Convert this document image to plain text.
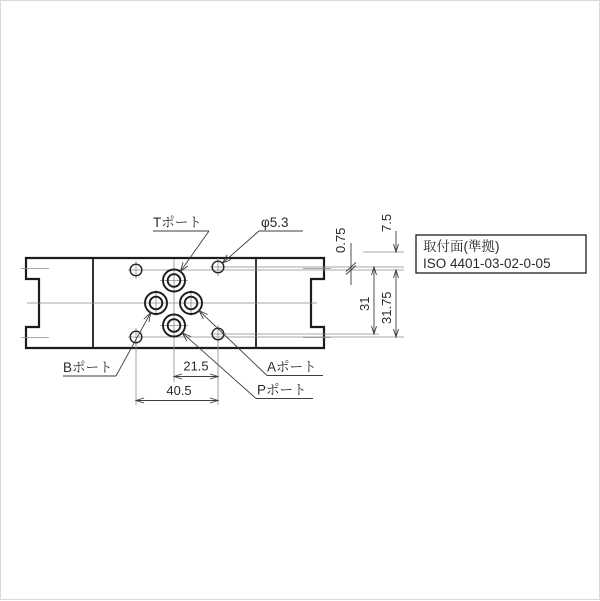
Tポート	φ5.3
Bポート	Aポート
Pポート
0.75
7.5
31 31.75
21.5
40.5
取付面(準拠)
ISO 4401-03-02-0-05
